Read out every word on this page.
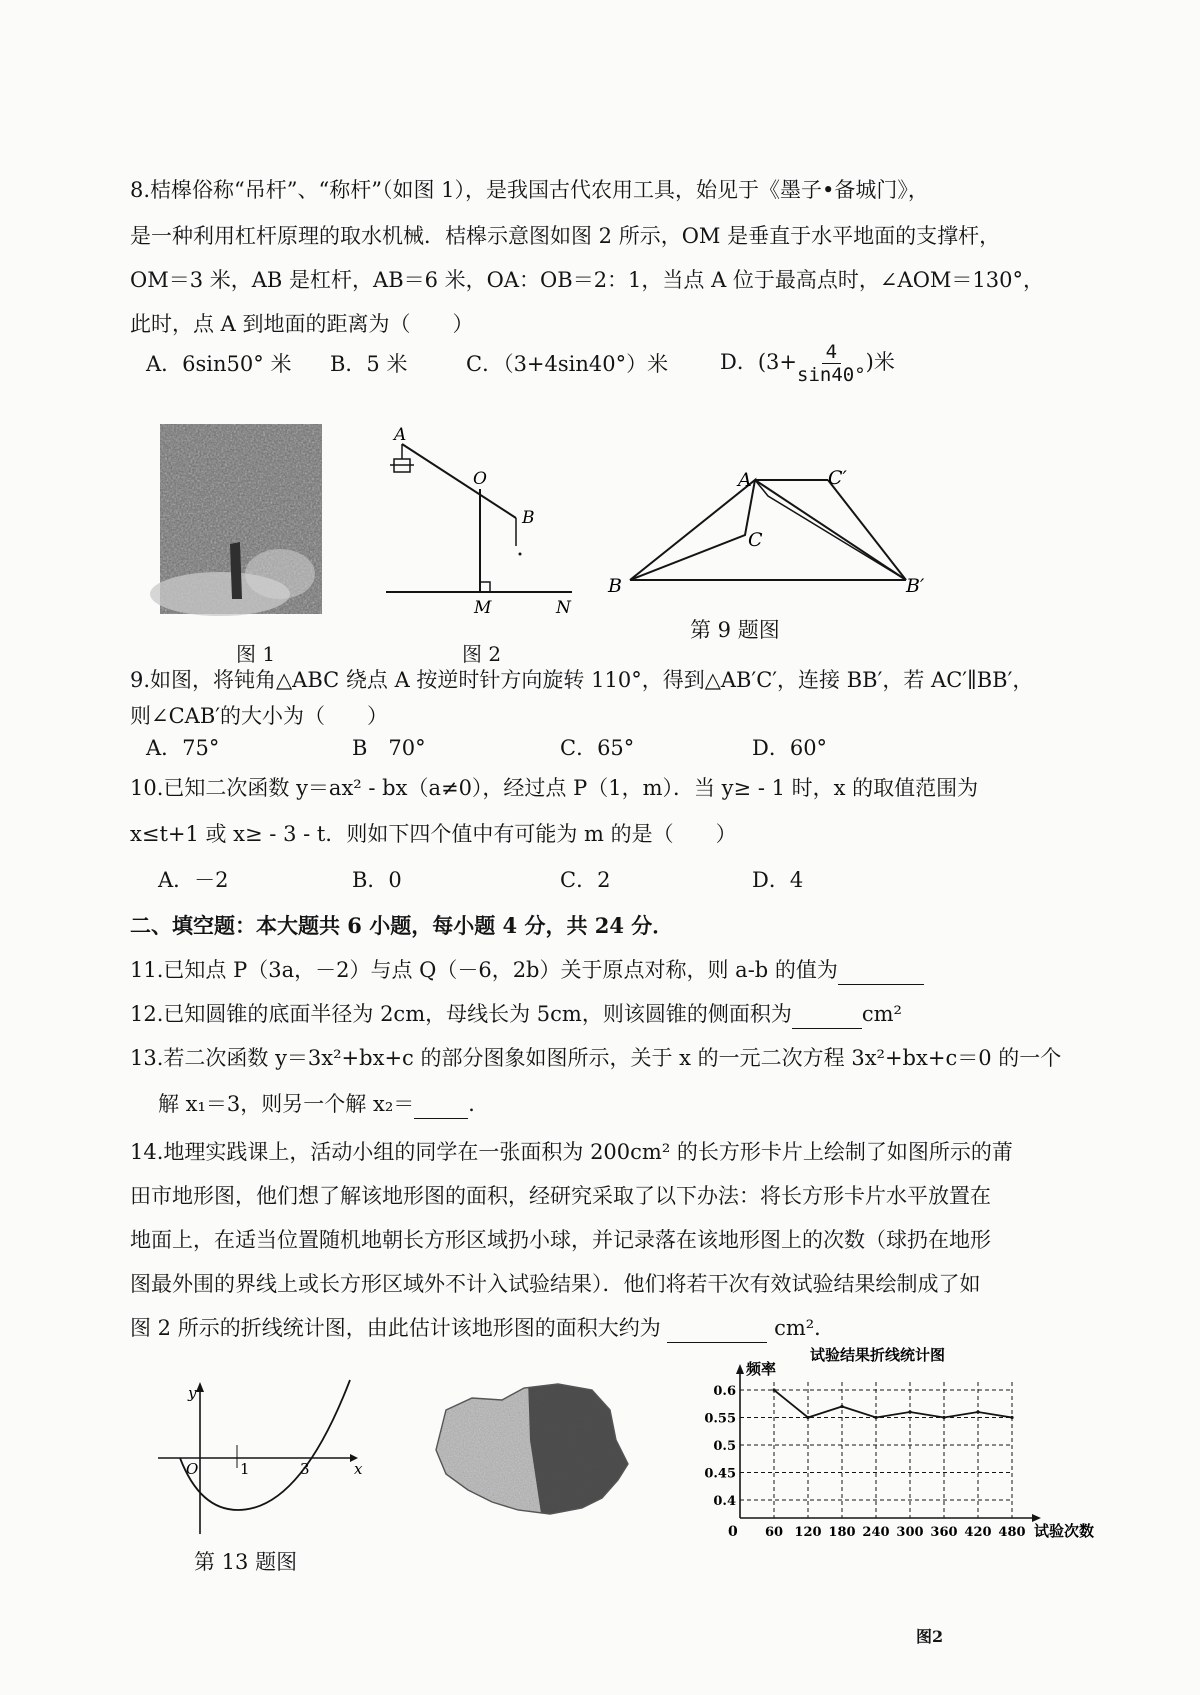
8.桔槔俗称“吊杆”、“称杆”（如图 1），是我国古代农用工具，始见于《墨子•备城门》，
是一种利用杠杆原理的取水机械．桔槔示意图如图 2 所示，OM 是垂直于水平地面的支撑杆，
OM＝3 米，AB 是杠杆，AB＝6 米，OA：OB＝2：1，当点 A 位于最高点时，∠AOM＝130°，
此时，点 A 到地面的距离为（　　）
A．6sin50° 米 B．5 米	C．（3+4sin40°）米 D．($3+ \frac{4}{\sin 40^\circ}$ )米
图 1
A
O
B
M	N
图 2
A	C′
C
B	B′
第 9 题图
9.如图，将钝角△ABC 绕点 A 按逆时针方向旋转 110°，得到△AB′C′，连接 BB′，若 AC′∥BB′，
则∠CAB′的大小为（　　）
A．75°	B　70°	C．65°	D．60°
10.已知二次函数 y＝ax² - bx（a≠0），经过点 P（1，m）．当 y≥ - 1 时，x 的取值范围为
x≤t+1 或 x≥ - 3 - t．则如下四个值中有可能为 m 的是（　　）
A．－2	B．0	C．2	D．4
二、填空题：本大题共 6 小题，每小题 4 分，共 24 分．
11.已知点 P（3a，－2）与点 Q（－6，2b）关于原点对称，则 a-b 的值为
12.已知圆锥的底面半径为 2cm，母线长为 5cm，则该圆锥的侧面积为	cm²
13.若二次函数 y＝3x²+bx+c 的部分图象如图所示，关于 x 的一元二次方程 3x²+bx+c＝0 的一个
解 x₁＝3，则另一个解 x₂＝	．
14.地理实践课上，活动小组的同学在一张面积为 200cm² 的长方形卡片上绘制了如图所示的莆
田市地形图，他们想了解该地形图的面积，经研究采取了以下办法：将长方形卡片水平放置在
地面上，在适当位置随机地朝长方形区域扔小球，并记录落在该地形图上的次数（球扔在地形
图最外围的界线上或长方形区域外不计入试验结果）．他们将若干次有效试验结果绘制成了如
图 2 所示的折线统计图，由此估计该地形图的面积大约为	cm²．
y
O	1	3	x
第 13 题图
60 120 180 240 300 360 420 480
0.4
0.45
0.5
0.55
0.6
试验结果折线统计图
频率
试验次数
0
图2
